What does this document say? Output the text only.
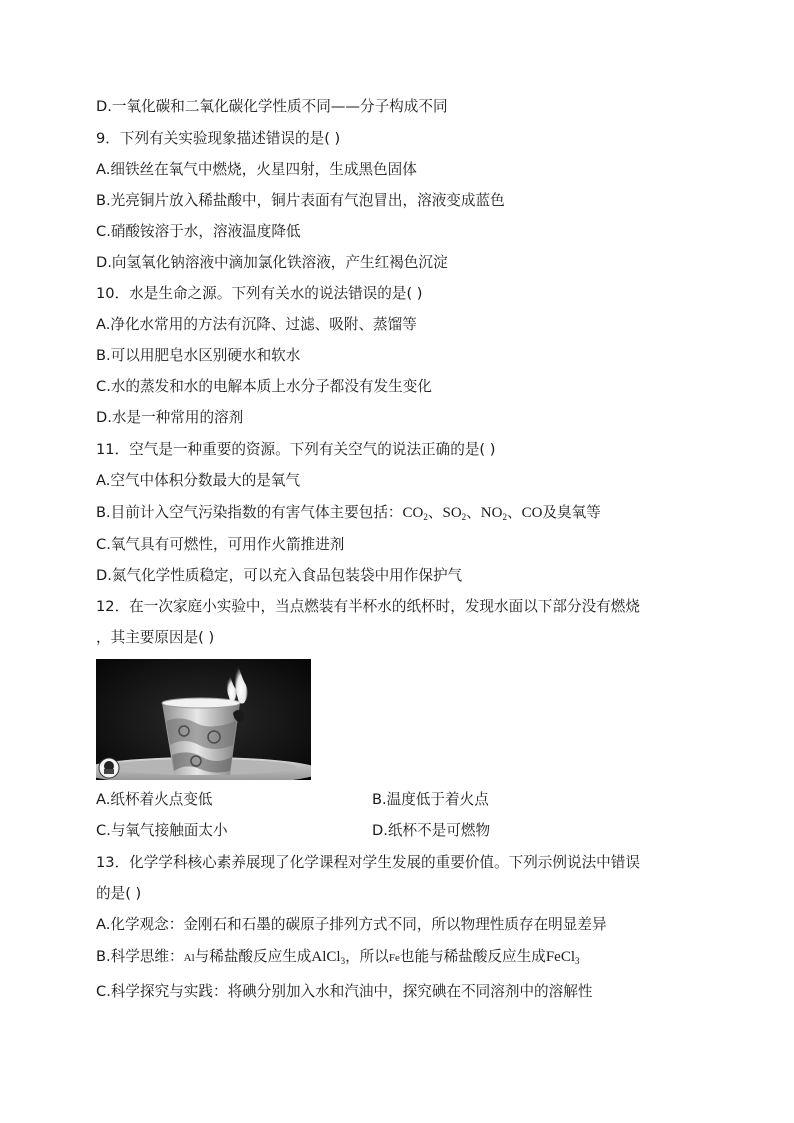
D.一氧化碳和二氧化碳化学性质不同——分子构成不同
9．下列有关实验现象描述错误的是( )
A.细铁丝在氧气中燃烧，火星四射，生成黑色固体
B.光亮铜片放入稀盐酸中，铜片表面有气泡冒出，溶液变成蓝色
C.硝酸铵溶于水，溶液温度降低
D.向氢氧化钠溶液中滴加氯化铁溶液，产生红褐色沉淀
10．水是生命之源。下列有关水的说法错误的是( )
A.净化水常用的方法有沉降、过滤、吸附、蒸馏等
B.可以用肥皂水区别硬水和软水
C.水的蒸发和水的电解本质上水分子都没有发生变化
D.水是一种常用的溶剂
11．空气是一种重要的资源。下列有关空气的说法正确的是( )
A.空气中体积分数最大的是氧气
B.目前计入空气污染指数的有害气体主要包括：$CO_2$、$SO_2$、$NO_2$、CO及臭氧等
C.氧气具有可燃性，可用作火箭推进剂
D.氮气化学性质稳定，可以充入食品包装袋中用作保护气
12．在一次家庭小实验中，当点燃装有半杯水的纸杯时，发现水面以下部分没有燃烧
，其主要原因是( )
A.纸杯着火点变低	B.温度低于着火点
C.与氧气接触面太小	D.纸杯不是可燃物
13．化学学科核心素养展现了化学课程对学生发展的重要价值。下列示例说法中错误
的是( )
A.化学观念：金刚石和石墨的碳原子排列方式不同，所以物理性质存在明显差异
B.科学思维：Al与稀盐酸反应生成AlCl$_3$，所以Fe也能与稀盐酸反应生成FeCl$_3$
C.科学探究与实践：将碘分别加入水和汽油中，探究碘在不同溶剂中的溶解性
